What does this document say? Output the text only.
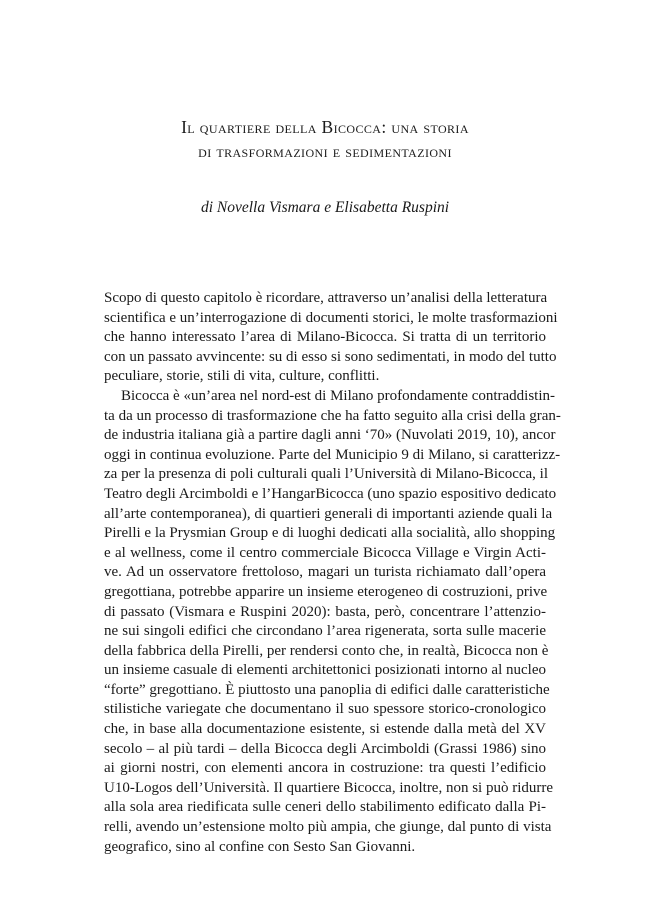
Il quartiere della Bicocca: una storia
di trasformazioni e sedimentazioni
di Novella Vismara e Elisabetta Ruspini
Scopo di questo capitolo è ricordare, attraverso un’analisi della letteratura
scientifica e un’interrogazione di documenti storici, le molte trasformazioni
che hanno interessato l’area di Milano-Bicocca. Si tratta di un territorio
con un passato avvincente: su di esso si sono sedimentati, in modo del tutto
peculiare, storie, stili di vita, culture, conflitti.
Bicocca è «un’area nel nord-est di Milano profondamente contraddistin-
ta da un processo di trasformazione che ha fatto seguito alla crisi della gran-
de industria italiana già a partire dagli anni ‘70» (Nuvolati 2019, 10), ancor
oggi in continua evoluzione. Parte del Municipio 9 di Milano, si caratterizz-
za per la presenza di poli culturali quali l’Università di Milano-Bicocca, il
Teatro degli Arcimboldi e l’HangarBicocca (uno spazio espositivo dedicato
all’arte contemporanea), di quartieri generali di importanti aziende quali la
Pirelli e la Prysmian Group e di luoghi dedicati alla socialità, allo shopping
e al wellness, come il centro commerciale Bicocca Village e Virgin Acti-
ve. Ad un osservatore frettoloso, magari un turista richiamato dall’opera
gregottiana, potrebbe apparire un insieme eterogeneo di costruzioni, prive
di passato (Vismara e Ruspini 2020): basta, però, concentrare l’attenzio-
ne sui singoli edifici che circondano l’area rigenerata, sorta sulle macerie
della fabbrica della Pirelli, per rendersi conto che, in realtà, Bicocca non è
un insieme casuale di elementi architettonici posizionati intorno al nucleo
“forte” gregottiano. È piuttosto una panoplia di edifici dalle caratteristiche
stilistiche variegate che documentano il suo spessore storico-cronologico
che, in base alla documentazione esistente, si estende dalla metà del XV
secolo – al più tardi – della Bicocca degli Arcimboldi (Grassi 1986) sino
ai giorni nostri, con elementi ancora in costruzione: tra questi l’edificio
U10-Logos dell’Università. Il quartiere Bicocca, inoltre, non si può ridurre
alla sola area riedificata sulle ceneri dello stabilimento edificato dalla Pi-
relli, avendo un’estensione molto più ampia, che giunge, dal punto di vista
geografico, sino al confine con Sesto San Giovanni.
